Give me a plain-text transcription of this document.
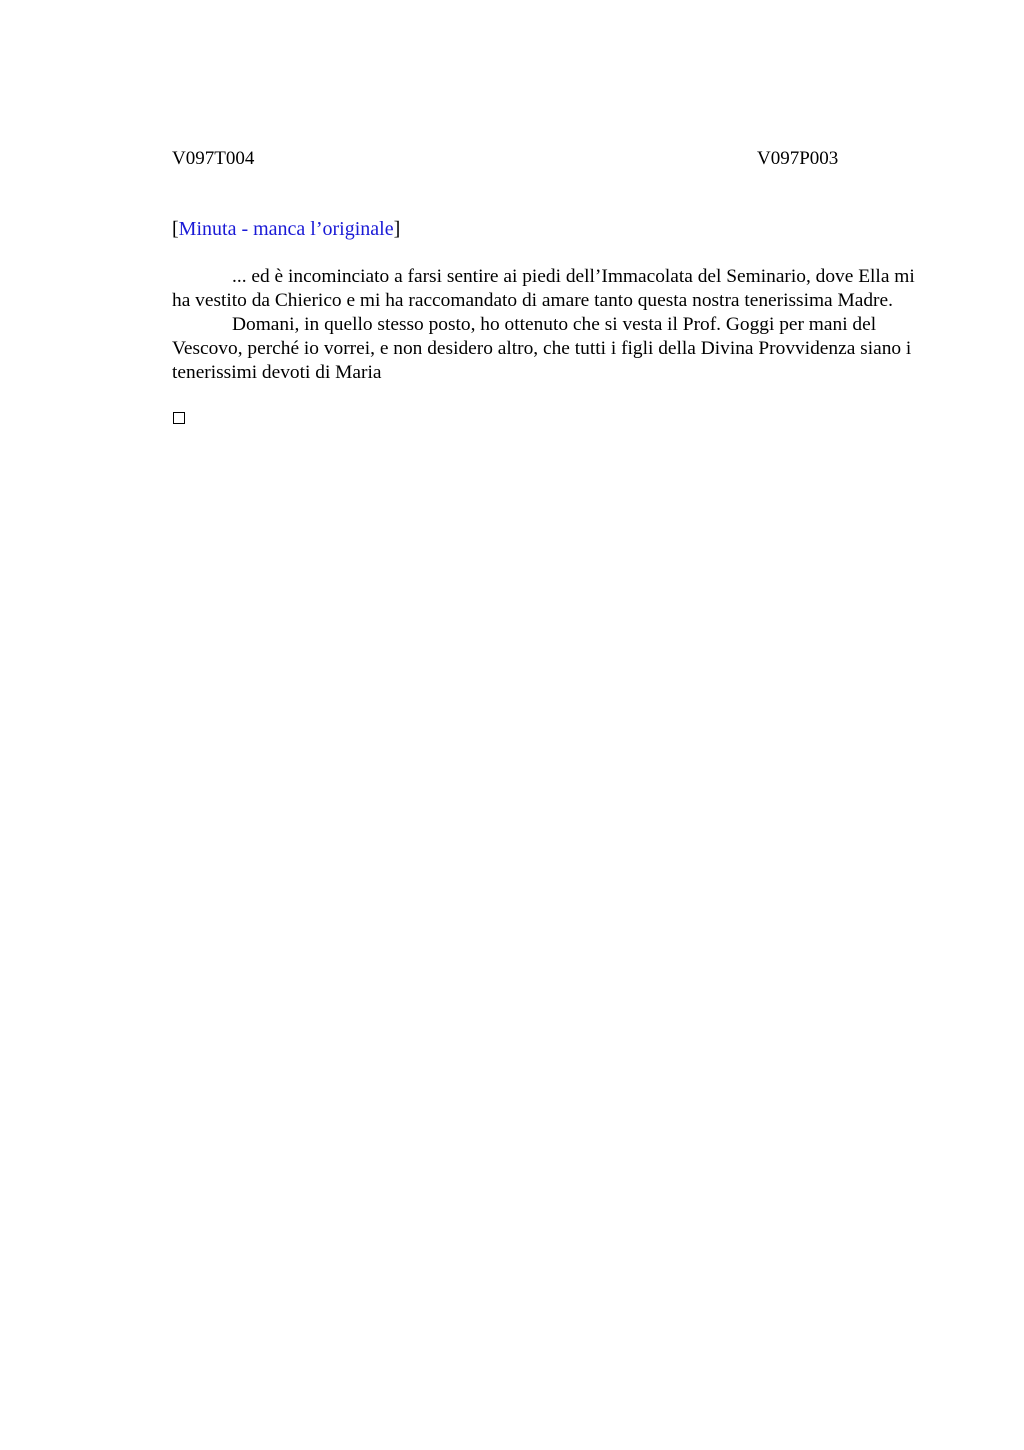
V097T004	V097P003
[Minuta - manca l’originale]

... ed è incominciato a farsi sentire ai piedi dell’Immacolata del Seminario, dove Ella mi ha vestito da Chierico e mi ha raccomandato di amare tanto questa nostra tenerissima Madre.

Domani, in quello stesso posto, ho ottenuto che si vesta il Prof. Goggi per mani del Vescovo, perché io vorrei, e non desidero altro, che tutti i figli della Divina Provvidenza siano i tenerissimi devoti di Maria
